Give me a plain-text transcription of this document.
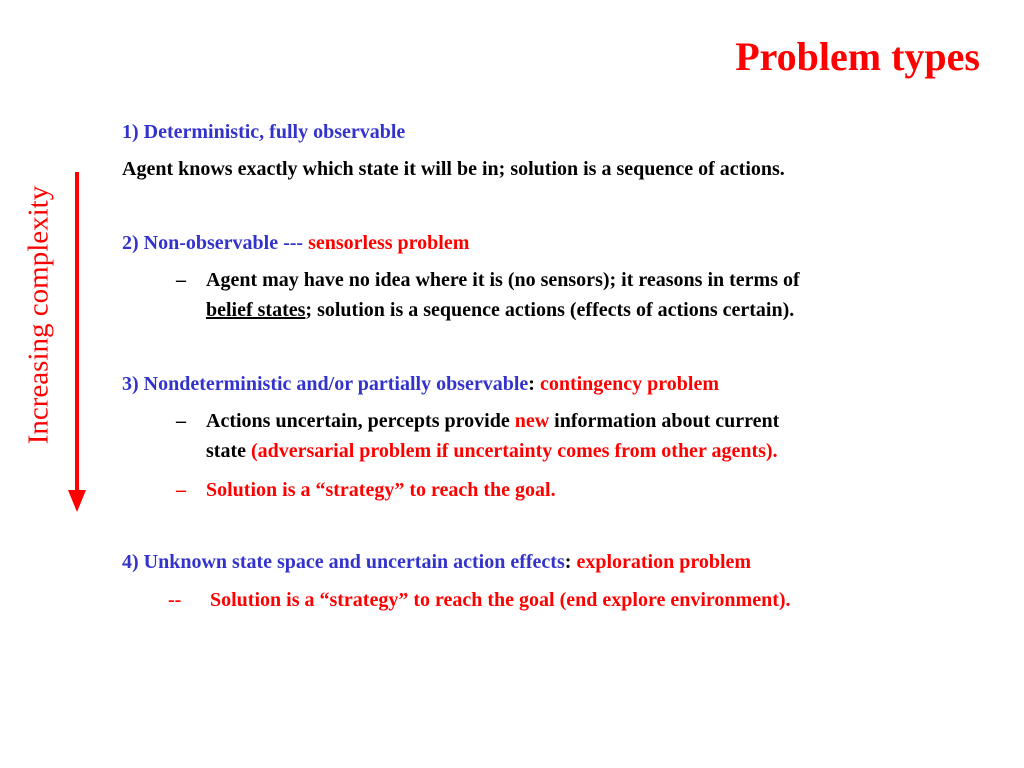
Problem types
Increasing complexity
1) Deterministic, fully observable
Agent knows exactly which state it will be in; solution is a sequence of actions.
2) Non-observable --- sensorless problem
– Agent may have no idea where it is (no sensors); it reasons in terms of
belief states; solution is a sequence actions (effects of actions certain).
3) Nondeterministic and/or partially observable: contingency problem
– Actions uncertain, percepts provide new information about current
state (adversarial problem if uncertainty comes from other agents).
– Solution is a “strategy” to reach the goal.
4) Unknown state space and uncertain action effects: exploration problem
-- Solution is a “strategy” to reach the goal (end explore environment).
